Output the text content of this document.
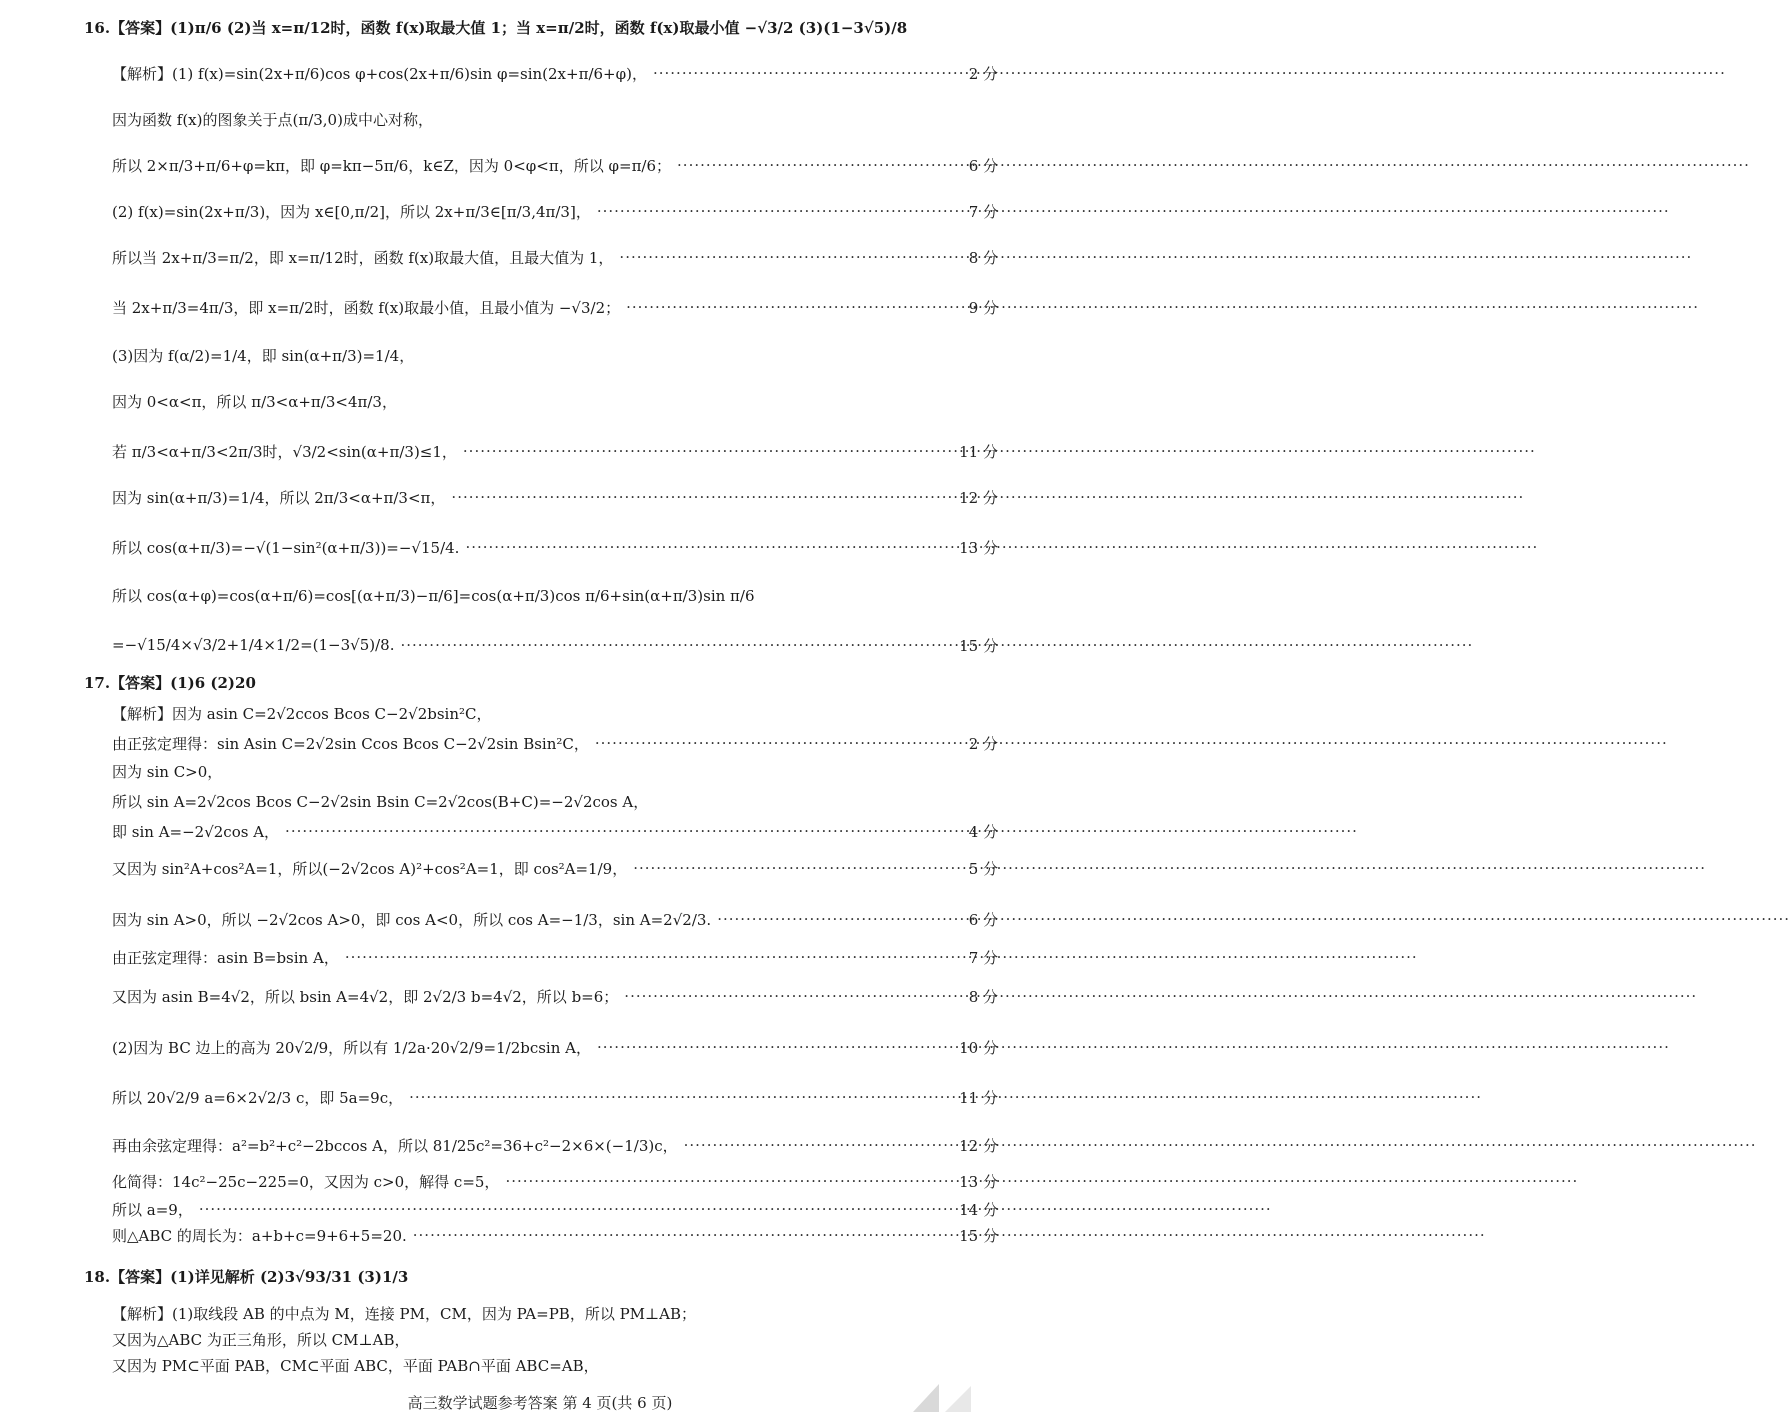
16.【答案】(1)π/6 (2)当 x=π/12时，函数 f(x)取最大值 1；当 x=π/2时，函数 f(x)取最小值 −√3/2 (3)(1−3√5)/8
【解析】(1) f(x)=sin(2x+π/6)cos φ+cos(2x+π/6)sin φ=sin(2x+π/6+φ)， ·····	2 分
因为函数 f(x)的图象关于点(π/3,0)成中心对称，
所以 2×π/3+π/6+φ=kπ，即 φ=kπ−5π/6，k∈Z，因为 0<φ<π，所以 φ=π/6； ·····	6 分
(2) f(x)=sin(2x+π/3)，因为 x∈[0,π/2]，所以 2x+π/3∈[π/3,4π/3]， ·····	7 分
所以当 2x+π/3=π/2，即 x=π/12时，函数 f(x)取最大值，且最大值为 1， ·····	8 分
当 2x+π/3=4π/3，即 x=π/2时，函数 f(x)取最小值，且最小值为 −√3/2； ·····	9 分
(3)因为 f(α/2)=1/4，即 sin(α+π/3)=1/4，
因为 0<α<π，所以 π/3<α+π/3<4π/3，
若 π/3<α+π/3<2π/3时，√3/2<sin(α+π/3)≤1， ·····	11 分
因为 sin(α+π/3)=1/4，所以 2π/3<α+π/3<π， ·····	12 分
所以 cos(α+π/3)=−√(1−sin²(α+π/3))=−√15/4. ·····	13 分
所以 cos(α+φ)=cos(α+π/6)=cos[(α+π/3)−π/6]=cos(α+π/3)cos π/6+sin(α+π/3)sin π/6
=−√15/4×√3/2+1/4×1/2=(1−3√5)/8. ·····	15 分
17.【答案】(1)6 (2)20
【解析】因为 asin C=2√2ccos Bcos C−2√2bsin²C，
由正弦定理得：sin Asin C=2√2sin Ccos Bcos C−2√2sin Bsin²C， ·····	2 分
因为 sin C>0，
所以 sin A=2√2cos Bcos C−2√2sin Bsin C=2√2cos(B+C)=−2√2cos A，
即 sin A=−2√2cos A， ·····	4 分
又因为 sin²A+cos²A=1，所以(−2√2cos A)²+cos²A=1，即 cos²A=1/9， ·····	5 分
因为 sin A>0，所以 −2√2cos A>0，即 cos A<0，所以 cos A=−1/3，sin A=2√2/3. ·····	6 分
由正弦定理得：asin B=bsin A， ·····	7 分
又因为 asin B=4√2，所以 bsin A=4√2，即 2√2/3 b=4√2，所以 b=6； ·····	8 分
(2)因为 BC 边上的高为 20√2/9，所以有 1/2a·20√2/9=1/2bcsin A， ·····	10 分
所以 20√2/9 a=6×2√2/3 c，即 5a=9c， ·····	11 分
再由余弦定理得：a²=b²+c²−2bccos A，所以 81/25c²=36+c²−2×6×(−1/3)c， ·····	12 分
化简得：14c²−25c−225=0，又因为 c>0，解得 c=5， ·····	13 分
所以 a=9， ·····	14 分
则△ABC 的周长为：a+b+c=9+6+5=20. ·····	15 分
18.【答案】(1)详见解析 (2)3√93/31 (3)1/3
【解析】(1)取线段 AB 的中点为 M，连接 PM，CM，因为 PA=PB，所以 PM⊥AB；
又因为△ABC 为正三角形，所以 CM⊥AB，
又因为 PM⊂平面 PAB，CM⊂平面 ABC，平面 PAB∩平面 ABC=AB，
高三数学试题参考答案 第 4 页(共 6 页)
